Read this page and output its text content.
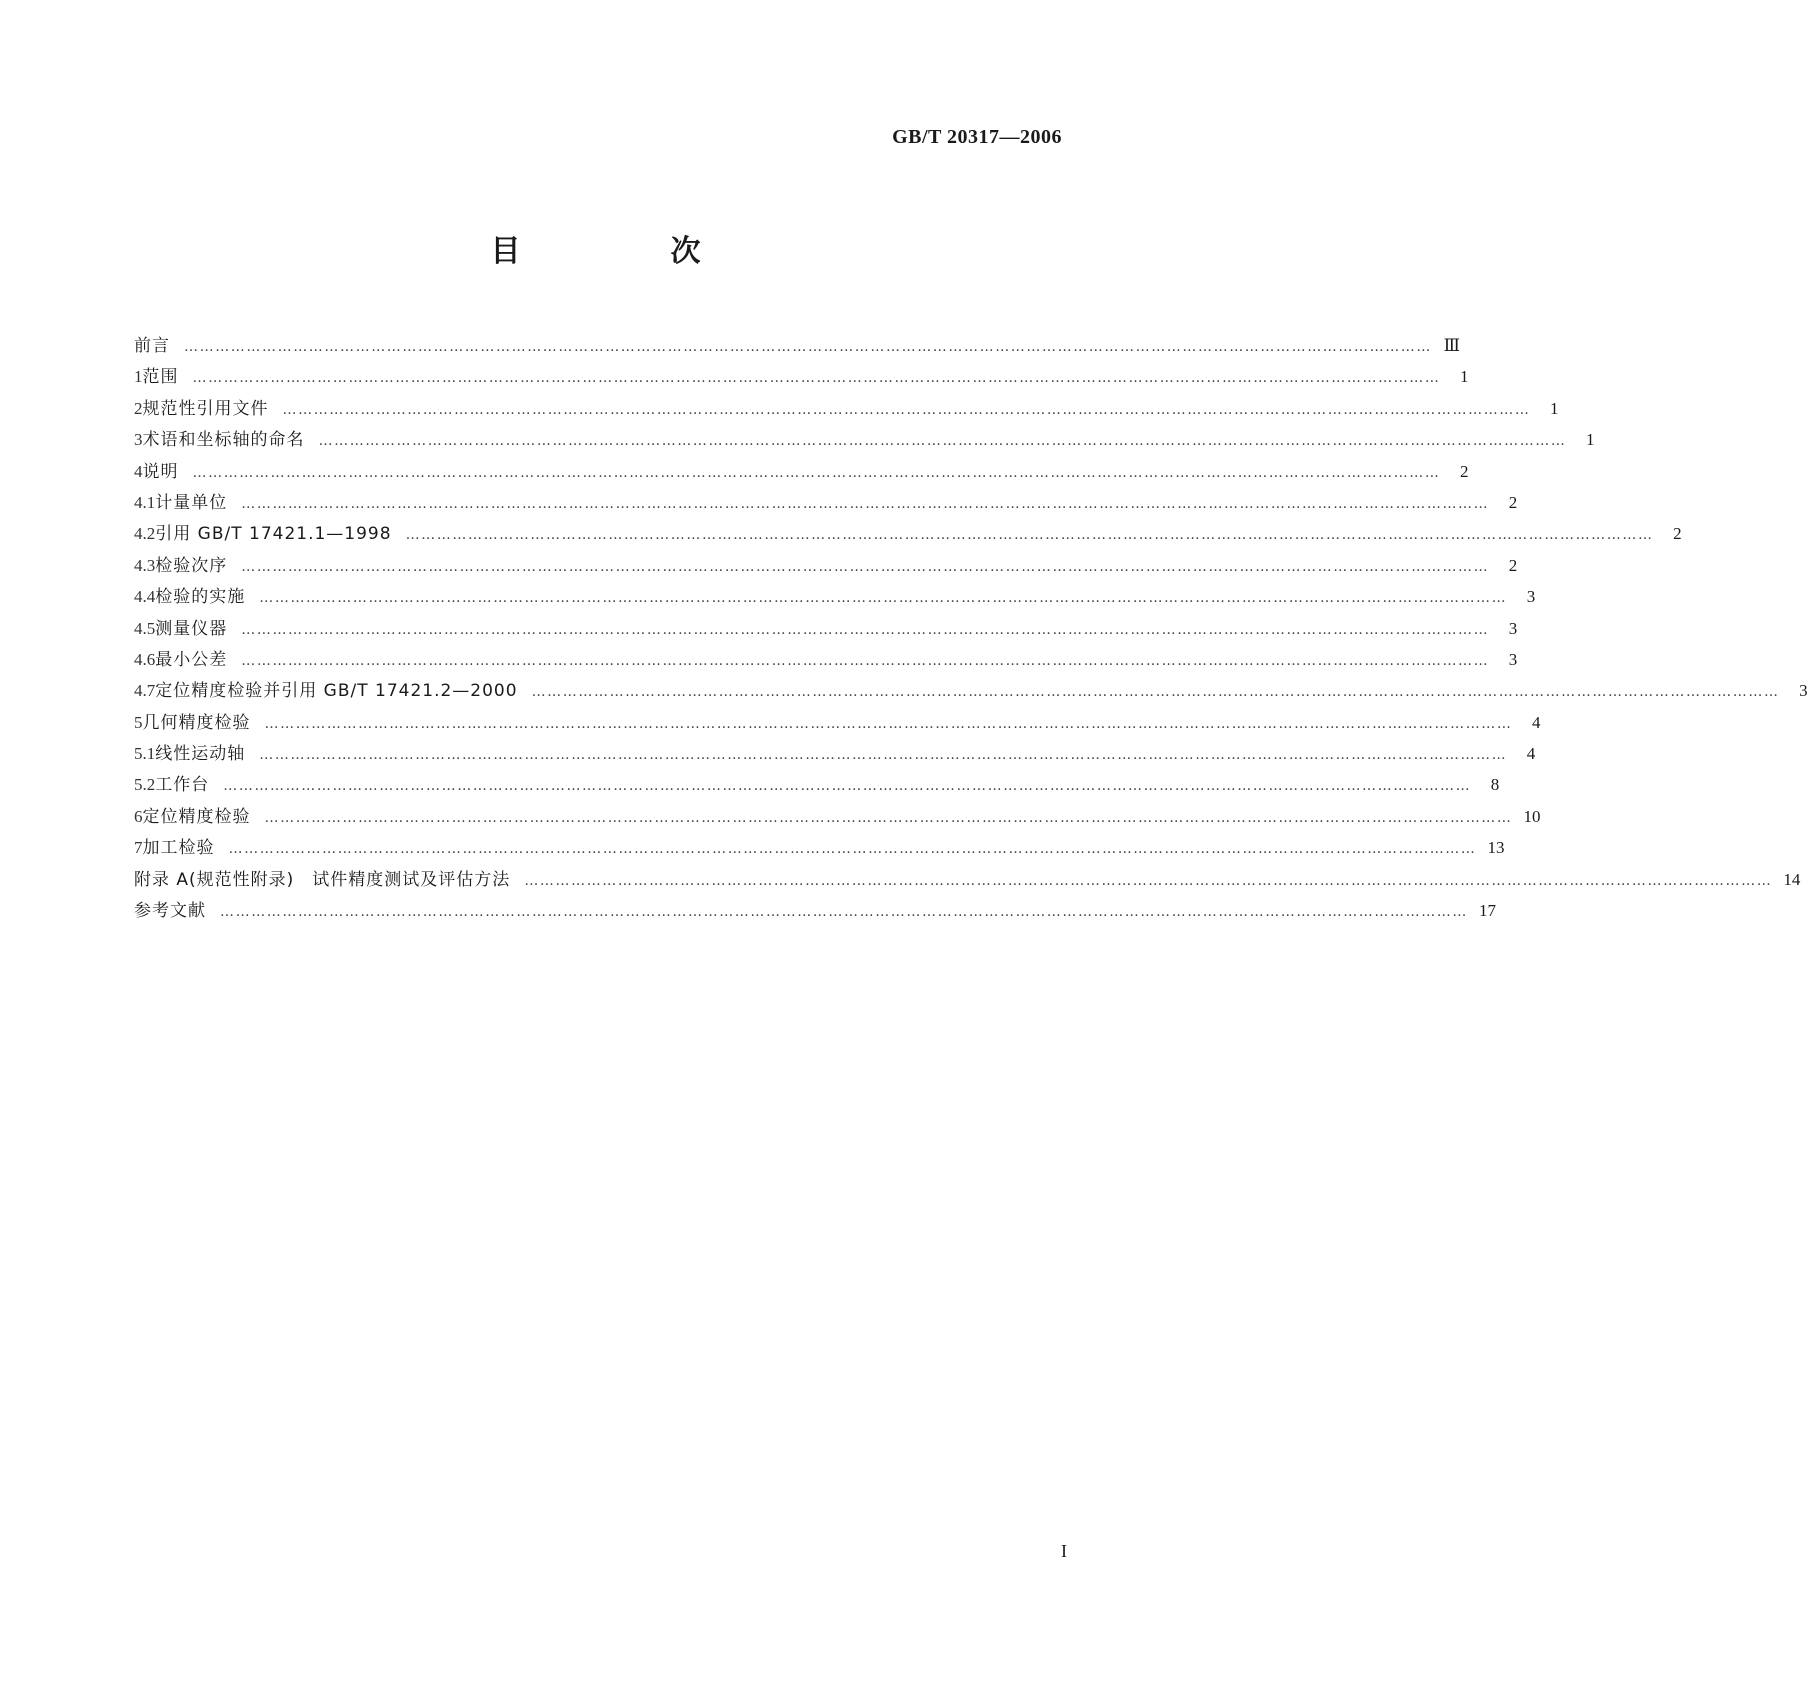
GB/T 20317—2006
目　次
前言 …………………………………………………………………………………………………………………………………………………………………………………………………………………… Ⅲ
1 范围 ……………………………………………………………………………………………………………………………………………………………………………………………………………………	1
2 规范性引用文件 ……………………………………………………………………………………………………………………………………………………………………………………………………………………	1
3 术语和坐标轴的命名 ……………………………………………………………………………………………………………………………………………………………………………………………………………………	1
4 说明 ……………………………………………………………………………………………………………………………………………………………………………………………………………………	2
4.1 计量单位 ……………………………………………………………………………………………………………………………………………………………………………………………………………………	2
4.2 引用 GB/T 17421.1—1998 ……………………………………………………………………………………………………………………………………………………………………………………………………………………	2
4.3 检验次序 ……………………………………………………………………………………………………………………………………………………………………………………………………………………	2
4.4 检验的实施 ……………………………………………………………………………………………………………………………………………………………………………………………………………………	3
4.5 测量仪器 ……………………………………………………………………………………………………………………………………………………………………………………………………………………	3
4.6 最小公差 ……………………………………………………………………………………………………………………………………………………………………………………………………………………	3
4.7 定位精度检验并引用 GB/T 17421.2—2000 ……………………………………………………………………………………………………………………………………………………………………………………………………………………	3
5 几何精度检验 ……………………………………………………………………………………………………………………………………………………………………………………………………………………	4
5.1 线性运动轴 ……………………………………………………………………………………………………………………………………………………………………………………………………………………	4
5.2 工作台 ……………………………………………………………………………………………………………………………………………………………………………………………………………………	8
6 定位精度检验 …………………………………………………………………………………………………………………………………………………………………………………………………………………… 10
7 加工检验 …………………………………………………………………………………………………………………………………………………………………………………………………………………… 13
附录 A(规范性附录)　试件精度测试及评估方法 …………………………………………………………………………………………………………………………………………………………………………………………………………………… 14
参考文献 …………………………………………………………………………………………………………………………………………………………………………………………………………………… 17
I
